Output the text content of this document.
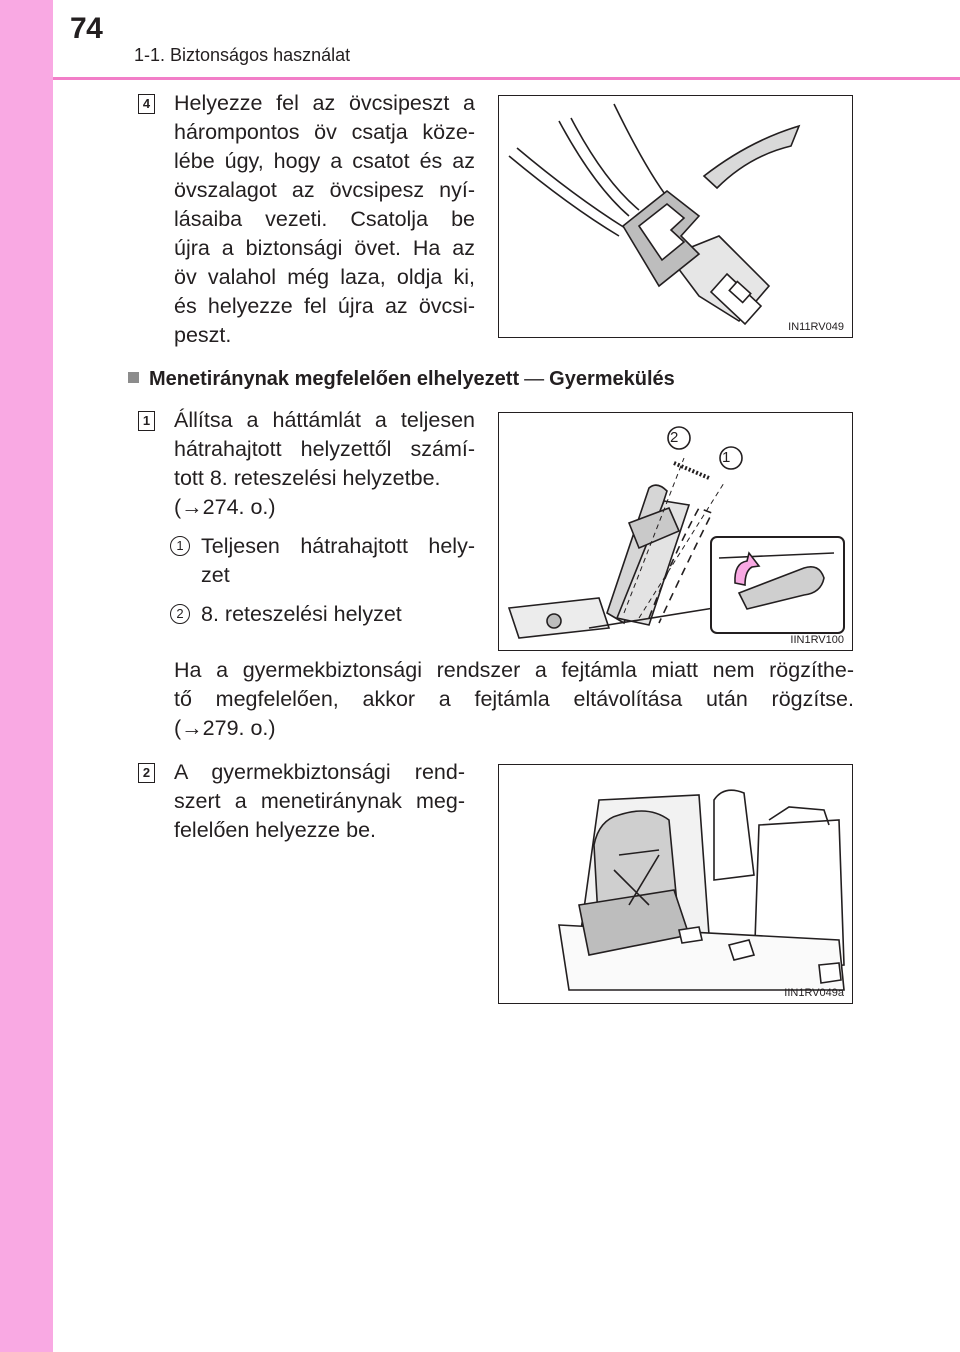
74
1-1. Biztonságos használat
4 Helyezze fel az övcsipeszt a
hárompontos öv csatja köze-
lébe úgy, hogy a csatot és az
övszalagot az övcsipesz nyí-
lásaiba vezeti. Csatolja be
újra a biztonsági övet. Ha az
öv valahol még laza, oldja ki,
és helyezze fel újra az övcsi-
peszt.	IN11RV049
Menetiránynak megfelelően elhelyezett — Gyermekülés
1 Állítsa a háttámlát a teljesen
hátrahajtott helyzettől számí-
tott 8. reteszelési helyzetbe.
(→274. o.)
1 Teljesen hátrahajtott hely-
zet
2 8. reteszelési helyzet
2
1
IIN1RV100
Ha a gyermekbiztonsági rendszer a fejtámla miatt nem rögzíthe-
tő megfelelően, akkor a fejtámla eltávolítása után rögzítse.
(→279. o.)
2 A gyermekbiztonsági rend-
szert a menetiránynak meg-
felelően helyezze be.
IIN1RV049a
